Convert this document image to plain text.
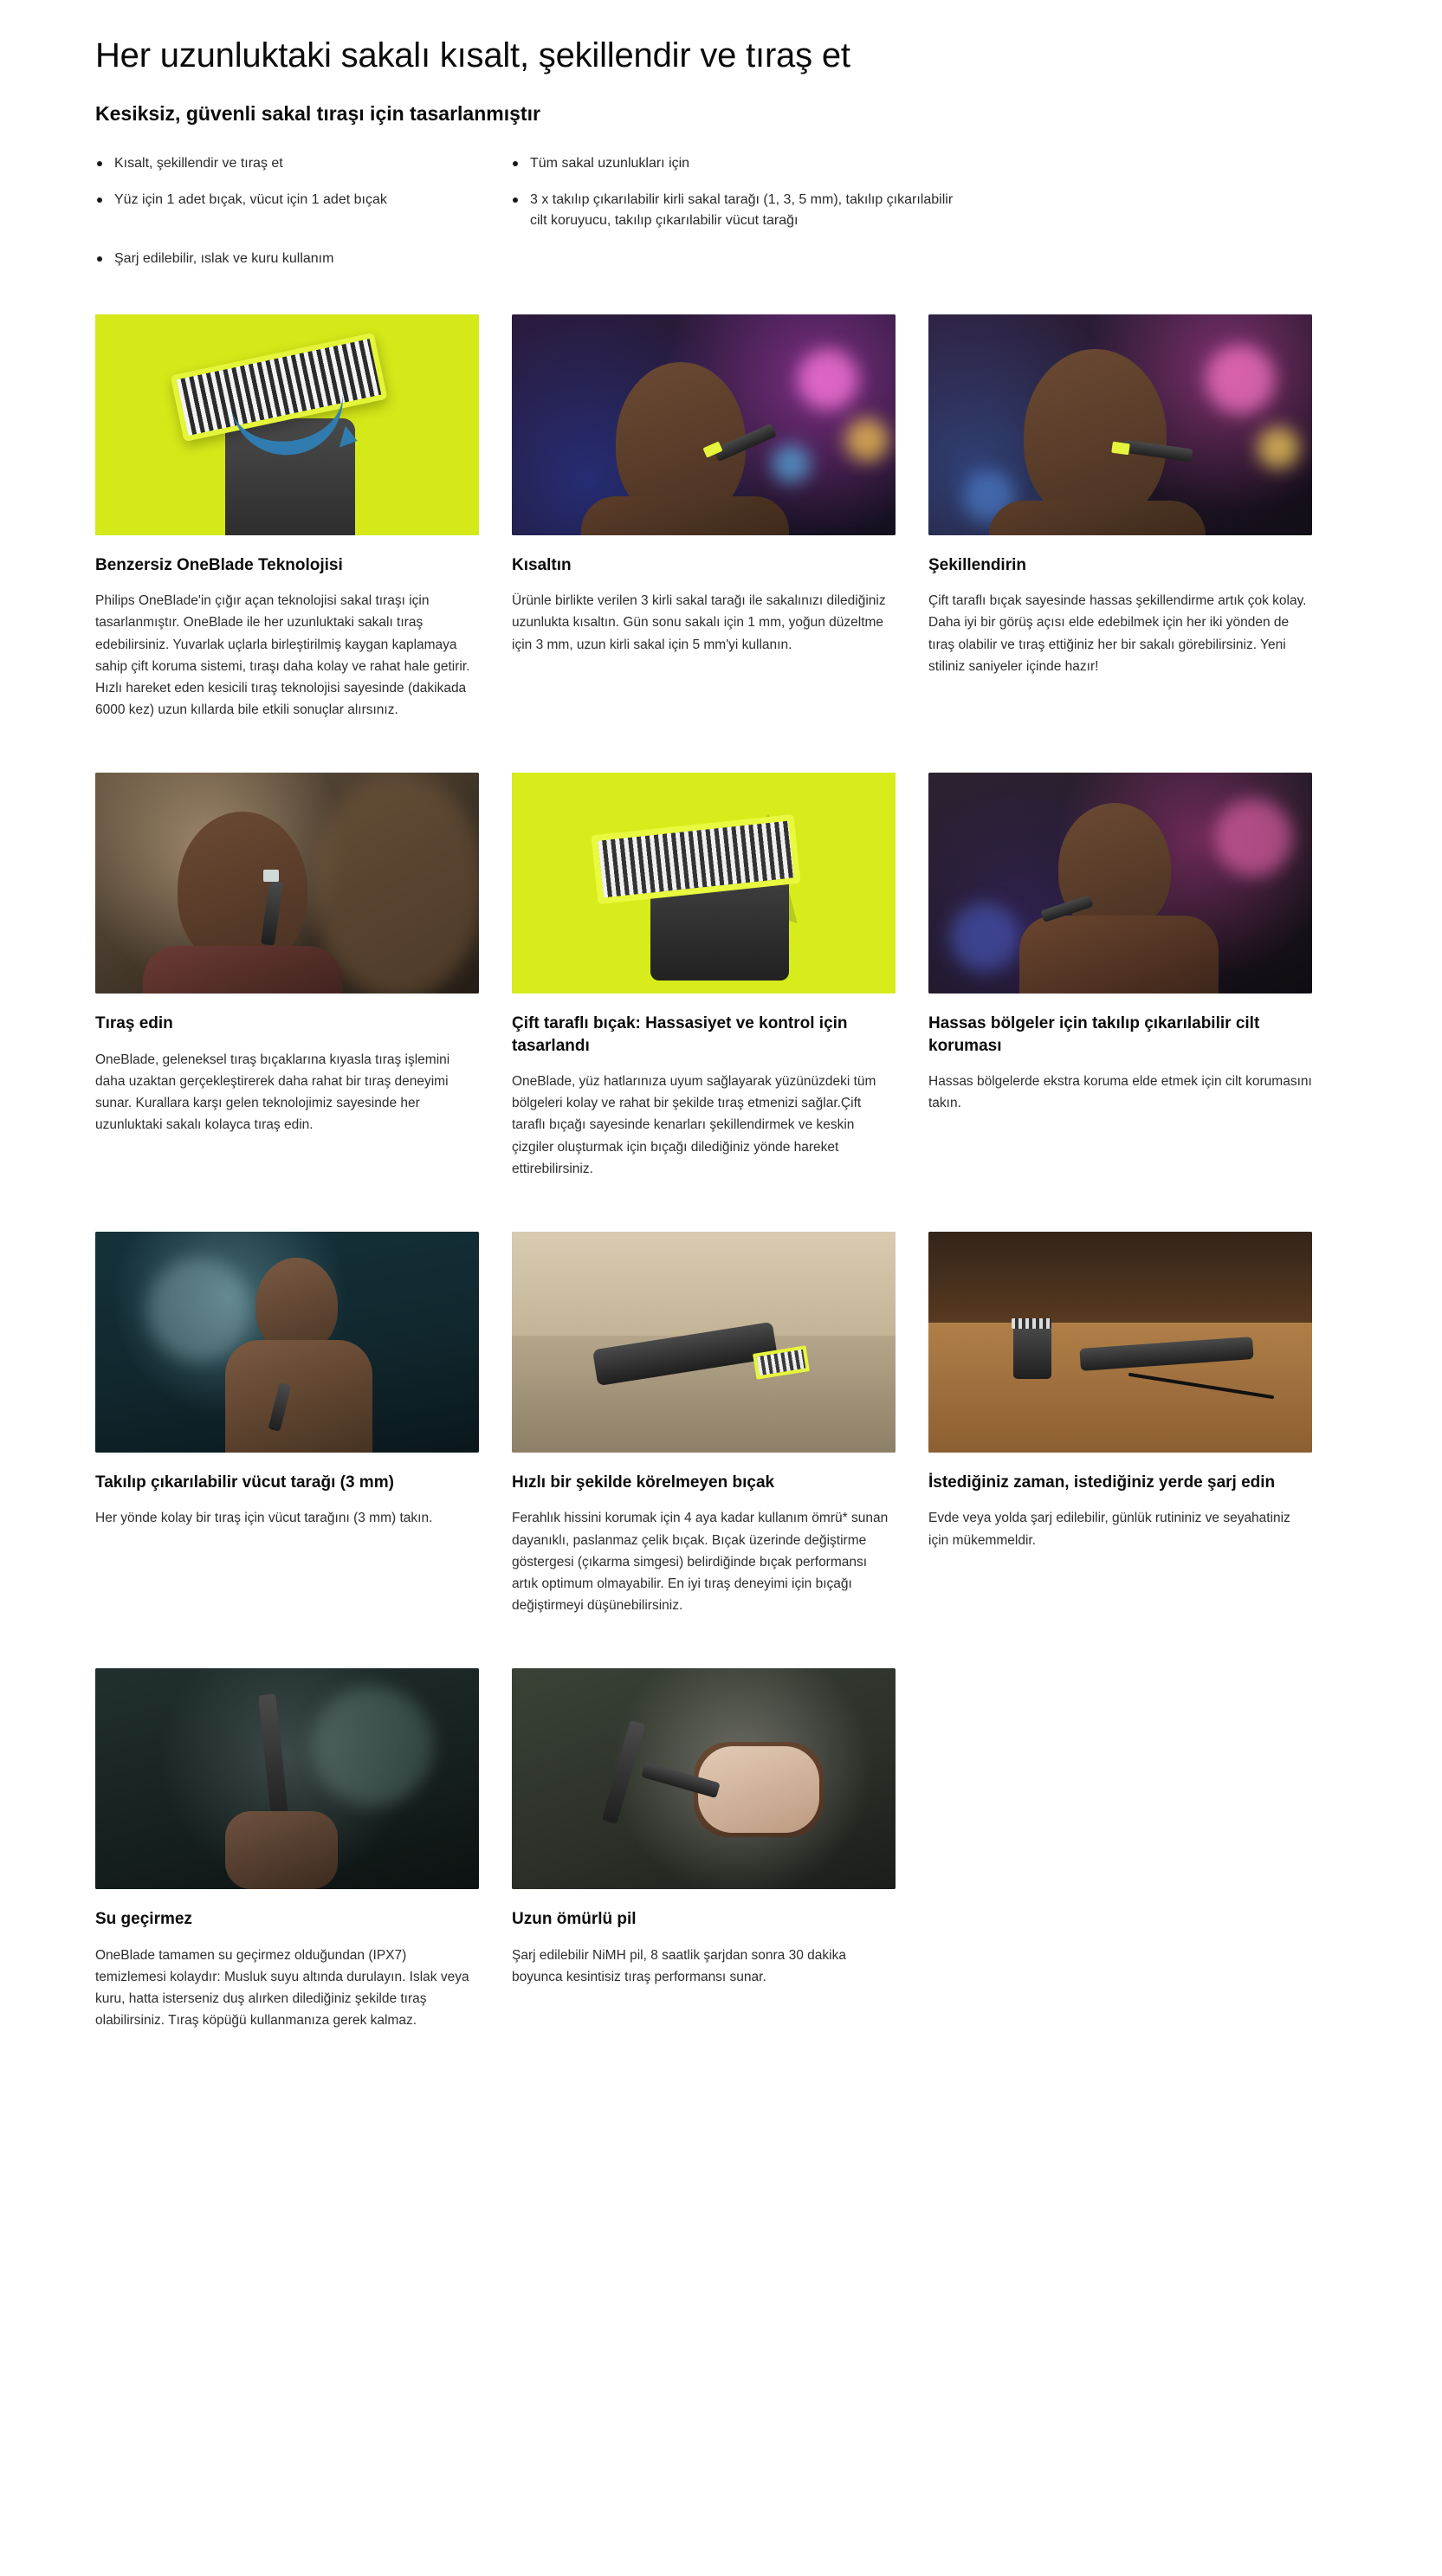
Her uzunluktaki sakalı kısalt, şekillendir ve tıraş et
Kesiksiz, güvenli sakal tıraşı için tasarlanmıştır
Kısalt, şekillendir ve tıraş et
Yüz için 1 adet bıçak, vücut için 1 adet bıçak
Şarj edilebilir, ıslak ve kuru kullanım
Tüm sakal uzunlukları için
3 x takılıp çıkarılabilir kirli sakal tarağı (1, 3, 5 mm), takılıp çıkarılabilir cilt koruyucu, takılıp çıkarılabilir vücut tarağı
Benzersiz OneBlade Teknolojisi

Philips OneBlade'in çığır açan teknolojisi sakal tıraşı için tasarlanmıştır. OneBlade ile her uzunluktaki sakalı tıraş edebilirsiniz. Yuvarlak uçlarla birleştirilmiş kaygan kaplamaya sahip çift koruma sistemi, tıraşı daha kolay ve rahat hale getirir. Hızlı hareket eden kesicili tıraş teknolojisi sayesinde (dakikada 6000 kez) uzun kıllarda bile etkili sonuçlar alırsınız.

Kısaltın

Ürünle birlikte verilen 3 kirli sakal tarağı ile sakalınızı dilediğiniz uzunlukta kısaltın. Gün sonu sakalı için 1 mm, yoğun düzeltme için 3 mm, uzun kirli sakal için 5 mm'yi kullanın.

Şekillendirin

Çift taraflı bıçak sayesinde hassas şekillendirme artık çok kolay. Daha iyi bir görüş açısı elde edebilmek için her iki yönden de tıraş olabilir ve tıraş ettiğiniz her bir sakalı görebilirsiniz. Yeni stiliniz saniyeler içinde hazır!

Tıraş edin

OneBlade, geleneksel tıraş bıçaklarına kıyasla tıraş işlemini daha uzaktan gerçekleştirerek daha rahat bir tıraş deneyimi sunar. Kurallara karşı gelen teknolojimiz sayesinde her uzunluktaki sakalı kolayca tıraş edin.

Çift taraflı bıçak: Hassasiyet ve kontrol için tasarlandı

OneBlade, yüz hatlarınıza uyum sağlayarak yüzünüzdeki tüm bölgeleri kolay ve rahat bir şekilde tıraş etmenizi sağlar.Çift taraflı bıçağı sayesinde kenarları şekillendirmek ve keskin çizgiler oluşturmak için bıçağı dilediğiniz yönde hareket ettirebilirsiniz.

Hassas bölgeler için takılıp çıkarılabilir cilt koruması

Hassas bölgelerde ekstra koruma elde etmek için cilt korumasını takın.

Takılıp çıkarılabilir vücut tarağı (3 mm)

Her yönde kolay bir tıraş için vücut tarağını (3 mm) takın.

Hızlı bir şekilde körelmeyen bıçak

Ferahlık hissini korumak için 4 aya kadar kullanım ömrü* sunan dayanıklı, paslanmaz çelik bıçak. Bıçak üzerinde değiştirme göstergesi (çıkarma simgesi) belirdiğinde bıçak performansı artık optimum olmayabilir. En iyi tıraş deneyimi için bıçağı değiştirmeyi düşünebilirsiniz.

İstediğiniz zaman, istediğiniz yerde şarj edin

Evde veya yolda şarj edilebilir, günlük rutininiz ve seyahatiniz için mükemmeldir.

Su geçirmez

OneBlade tamamen su geçirmez olduğundan (IPX7) temizlemesi kolaydır: Musluk suyu altında durulayın. Islak veya kuru, hatta isterseniz duş alırken dilediğiniz şekilde tıraş olabilirsiniz. Tıraş köpüğü kullanmanıza gerek kalmaz.

Uzun ömürlü pil

Şarj edilebilir NiMH pil, 8 saatlik şarjdan sonra 30 dakika boyunca kesintisiz tıraş performansı sunar.
